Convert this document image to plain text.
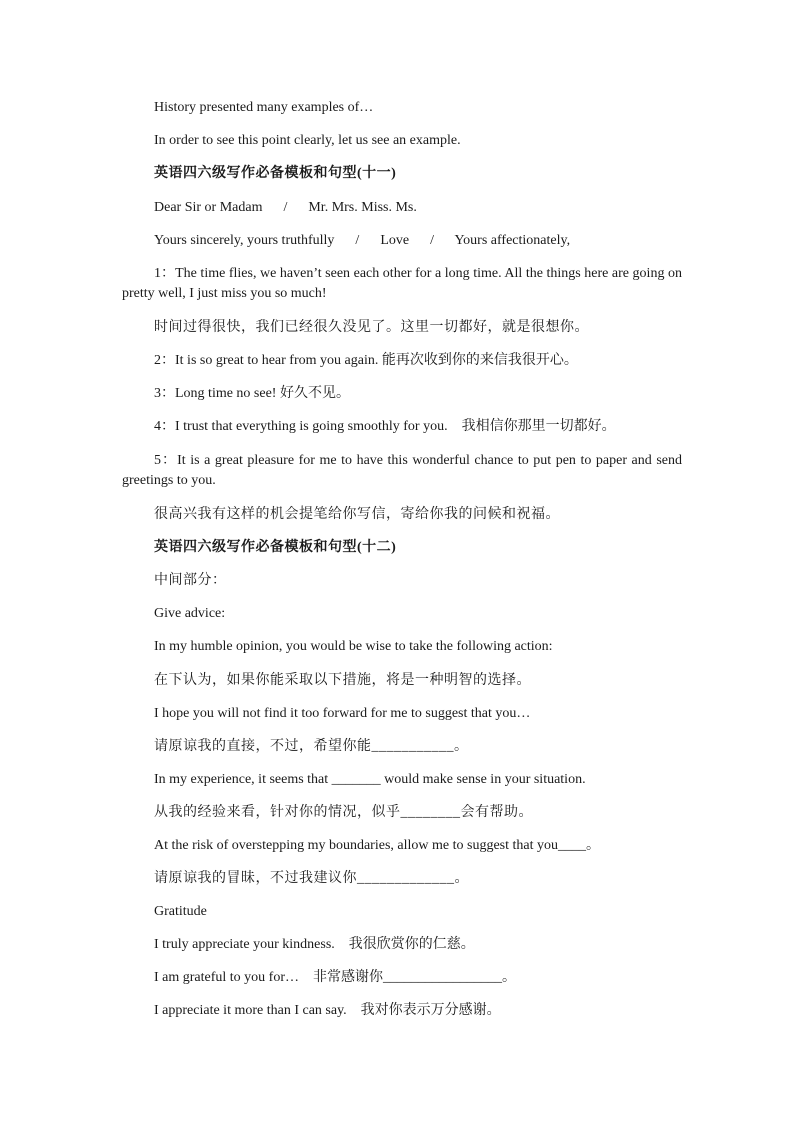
History presented many examples of…
In order to see this point clearly, let us see an example.
英语四六级写作必备模板和句型(十一)
Dear Sir or Madam      /      Mr. Mrs. Miss. Ms.
Yours sincerely, yours truthfully      /      Love      /      Yours affectionately,
1：The time flies, we haven’t seen each other for a long time. All the things here are going on pretty well, I just miss you so much!
时间过得很快，我们已经很久没见了。这里一切都好，就是很想你。
2：It is so great to hear from you again. 能再次收到你的来信我很开心。
3：Long time no see! 好久不见。
4：I trust that everything is going smoothly for you.    我相信你那里一切都好。
5：It is a great pleasure for me to have this wonderful chance to put pen to paper and send greetings to you.
很高兴我有这样的机会提笔给你写信，寄给你我的问候和祝福。
英语四六级写作必备模板和句型(十二)
中间部分：
Give advice:
In my humble opinion, you would be wise to take the following action:
在下认为，如果你能采取以下措施，将是一种明智的选择。
I hope you will not find it too forward for me to suggest that you…
请原谅我的直接，不过，希望你能___________。
In my experience, it seems that _______ would make sense in your situation.
从我的经验来看，针对你的情况，似乎________会有帮助。
At the risk of overstepping my boundaries, allow me to suggest that you____。
请原谅我的冒昧，不过我建议你_____________。
Gratitude
I truly appreciate your kindness.    我很欣赏你的仁慈。
I am grateful to you for…    非常感谢你_________________。
I appreciate it more than I can say.    我对你表示万分感谢。
